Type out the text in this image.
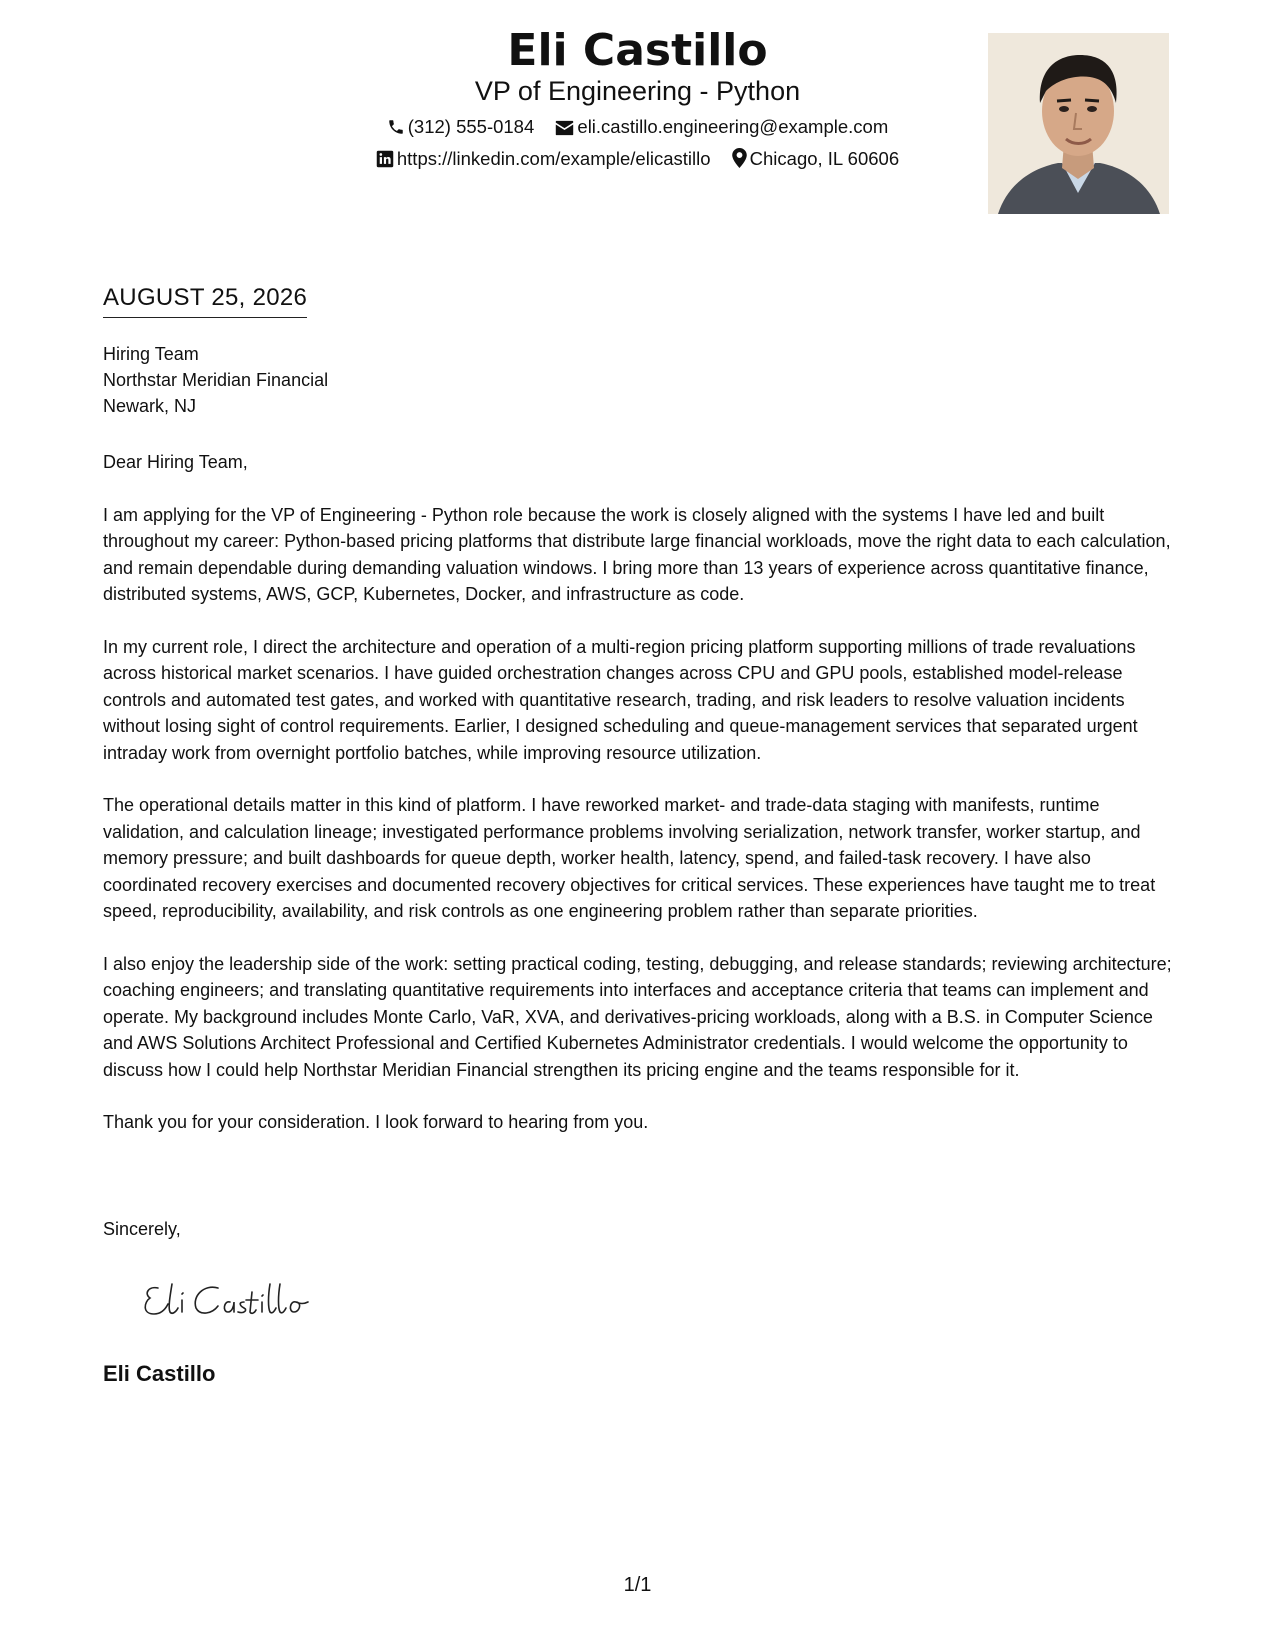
Eli Castillo
VP of Engineering - Python
(312) 555-0184 eli.castillo.engineering@example.com
https://linkedin.com/example/elicastillo Chicago, IL 60606
AUGUST 25, 2026
Hiring Team
Northstar Meridian Financial
Newark, NJ

Dear Hiring Team,

I am applying for the VP of Engineering - Python role because the work is closely aligned with the systems I have led and built throughout my career: Python-based pricing platforms that distribute large financial workloads, move the right data to each calculation, and remain dependable during demanding valuation windows. I bring more than 13 years of experience across quantitative finance, distributed systems, AWS, GCP, Kubernetes, Docker, and infrastructure as code.

In my current role, I direct the architecture and operation of a multi-region pricing platform supporting millions of trade revaluations across historical market scenarios. I have guided orchestration changes across CPU and GPU pools, established model-release controls and automated test gates, and worked with quantitative research, trading, and risk leaders to resolve valuation incidents without losing sight of control requirements. Earlier, I designed scheduling and queue-management services that separated urgent intraday work from overnight portfolio batches, while improving resource utilization.

The operational details matter in this kind of platform. I have reworked market- and trade-data staging with manifests, runtime validation, and calculation lineage; investigated performance problems involving serialization, network transfer, worker startup, and memory pressure; and built dashboards for queue depth, worker health, latency, spend, and failed-task recovery. I have also coordinated recovery exercises and documented recovery objectives for critical services. These experiences have taught me to treat speed, reproducibility, availability, and risk controls as one engineering problem rather than separate priorities.

I also enjoy the leadership side of the work: setting practical coding, testing, debugging, and release standards; reviewing architecture; coaching engineers; and translating quantitative requirements into interfaces and acceptance criteria that teams can implement and operate. My background includes Monte Carlo, VaR, XVA, and derivatives-pricing workloads, along with a B.S. in Computer Science and AWS Solutions Architect Professional and Certified Kubernetes Administrator credentials. I would welcome the opportunity to discuss how I could help Northstar Meridian Financial strengthen its pricing engine and the teams responsible for it.

Thank you for your consideration. I look forward to hearing from you.

Sincerely,
Eli Castillo
1/1
